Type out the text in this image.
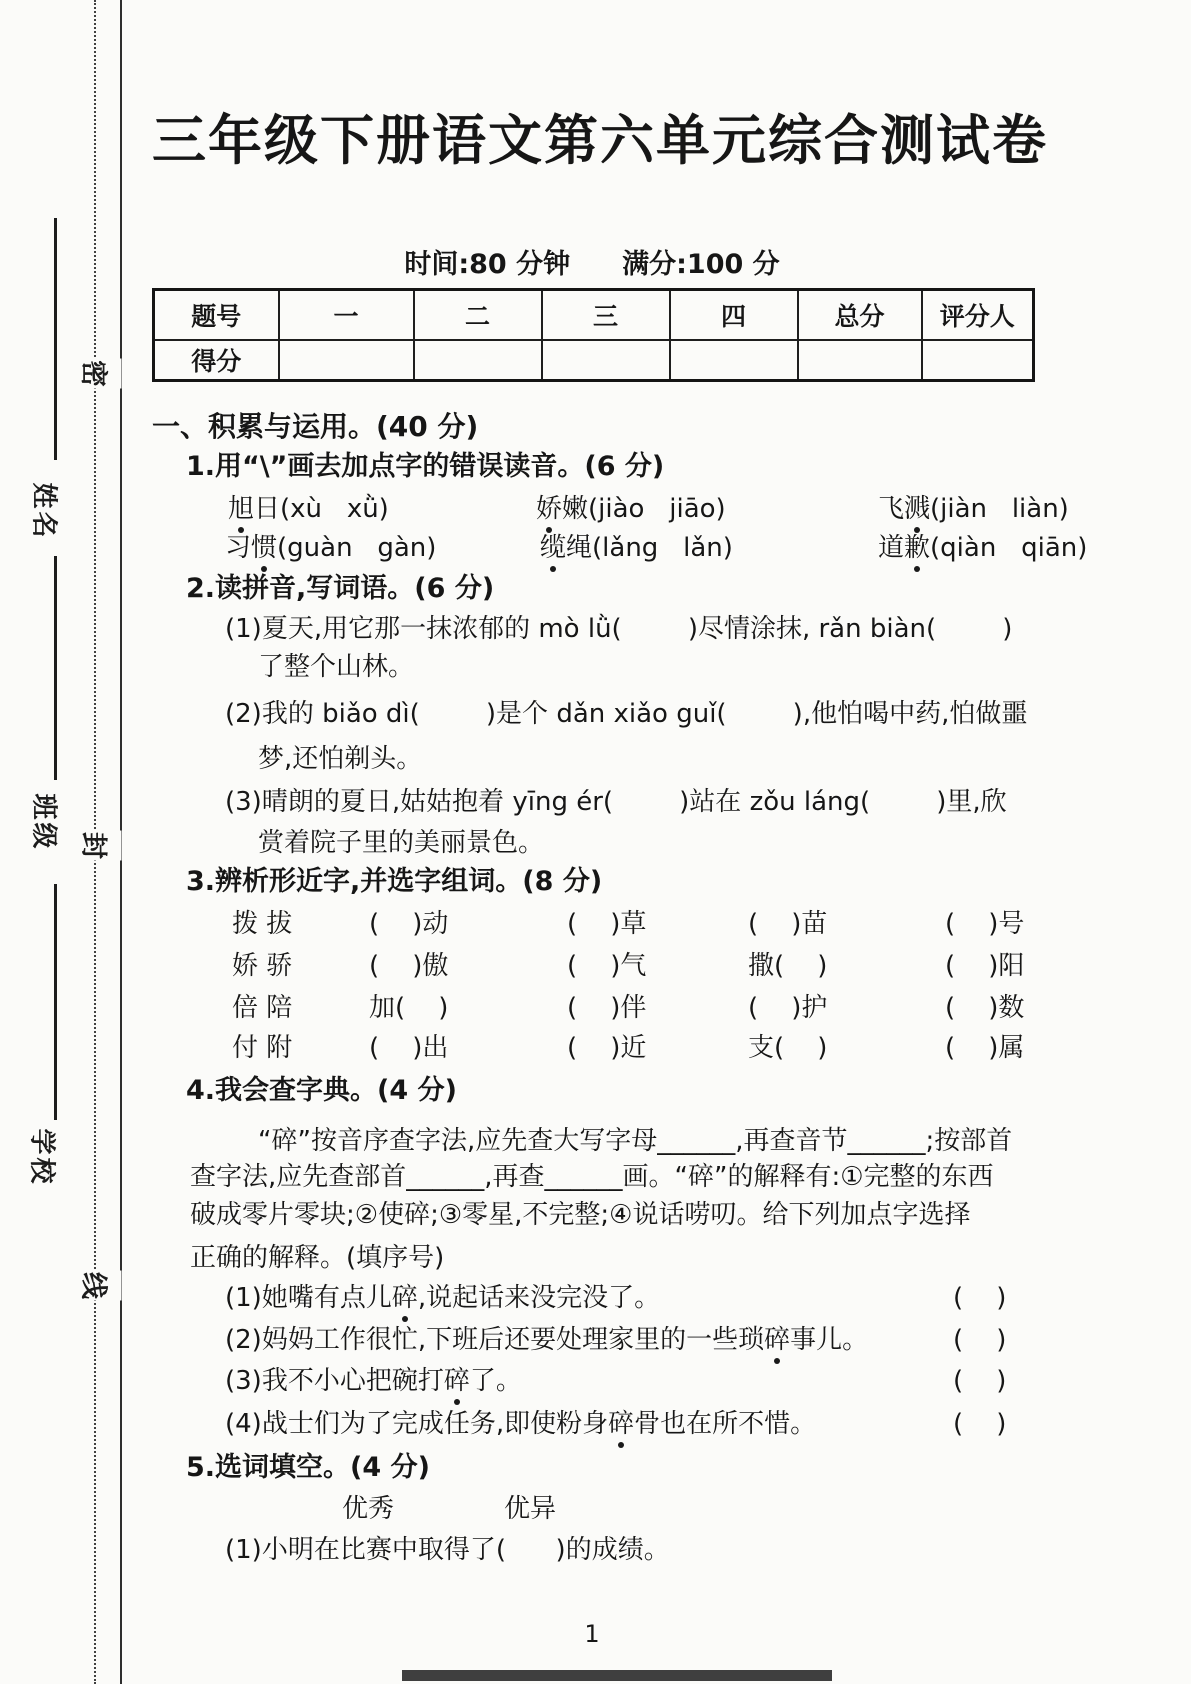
姓名
班级
学校
密
封
线
三年级下册语文第六单元综合测试卷
时间:80 分钟 满分:100 分
题号	一	二	三	四	总分	评分人
得分						
一、积累与运用。(40 分)
1.用“\”画去加点字的错误读音。(6 分)
旭日(xù   xǜ)	娇嫩(jiào   jiāo)	飞溅(jiàn   liàn)
习惯(guàn   gàn)	缆绳(lǎng   lǎn)	道歉(qiàn   qiān)
2.读拼音,写词语。(6 分)
(1)夏天,用它那一抹浓郁的 mò lǜ(        )尽情涂抹, rǎn biàn(        )
了整个山林。
(2)我的 biǎo dì(        )是个 dǎn xiǎo guǐ(        ),他怕喝中药,怕做噩
梦,还怕剃头。
(3)晴朗的夏日,姑姑抱着 yīng ér(        )站在 zǒu láng(        )里,欣
赏着院子里的美丽景色。
3.辨析形近字,并选字组词。(8 分)
拨 拔	(    )动	(    )草	(    )苗	(    )号
娇 骄	(    )傲	(    )气	撒(    )	(    )阳
倍 陪	加(    )	(    )伴	(    )护	(    )数
付 附	(    )出	(    )近	支(    )	(    )属
4.我会查字典。(4 分)
“碎”按音序查字法,应先查大写字母______,再查音节______;按部首
查字法,应先查部首______,再查______画。“碎”的解释有:①完整的东西
破成零片零块;②使碎;③零星,不完整;④说话唠叨。给下列加点字选择
正确的解释。(填序号)
(1)她嘴有点儿碎,说起话来没完没了。	(    )
(2)妈妈工作很忙,下班后还要处理家里的一些琐碎事儿。	(    )
(3)我不小心把碗打碎了。	(    )
(4)战士们为了完成任务,即使粉身碎骨也在所不惜。	(    )
5.选词填空。(4 分)
优秀	优异
(1)小明在比赛中取得了(      )的成绩。
1
